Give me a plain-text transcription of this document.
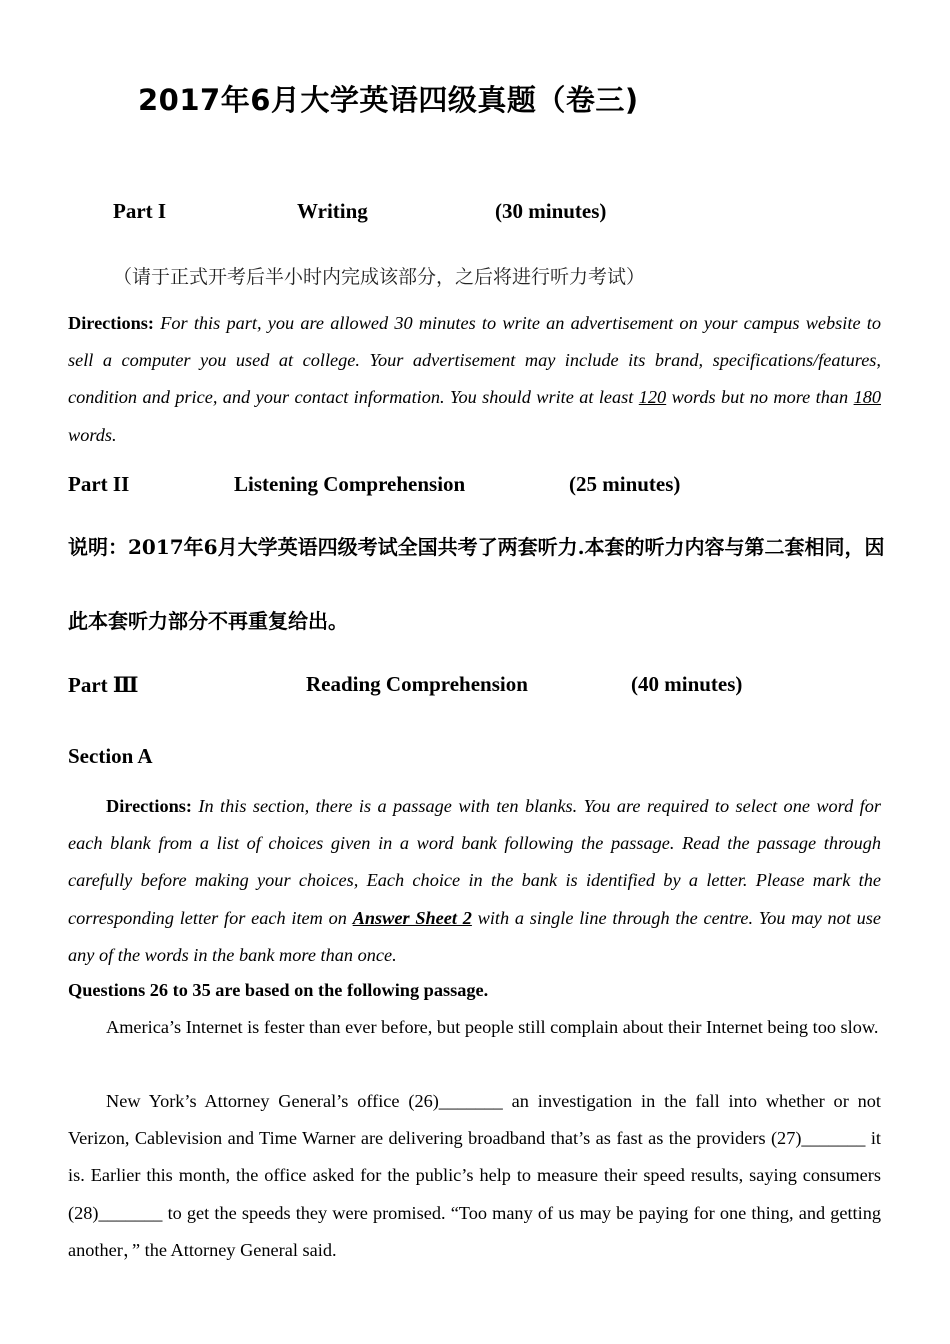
2017年6月大学英语四级真题（卷三)
Part I	Writing	(30 minutes)
（请于正式开考后半小时内完成该部分，之后将进行听力考试）
Directions: For this part, you are allowed 30 minutes to write an advertisement on your campus website to sell a computer you used at college. Your advertisement may include its brand, specifications/features, condition and price, and your contact information. You should write at least 120 words but no more than 180 words.
Part II	Listening Comprehension	(25 minutes)
说明：2017年6月大学英语四级考试全国共考了两套听力.本套的听力内容与第二套相同，因此本套听力部分不再重复给出。
Part Ⅲ	Reading Comprehension	(40 minutes)
Section A
Directions: In this section, there is a passage with ten blanks. You are required to select one word for each blank from a list of choices given in a word bank following the passage. Read the passage through carefully before making your choices, Each choice in the bank is identified by a letter. Please mark the corresponding letter for each item on Answer Sheet 2 with a single line through the centre. You may not use any of the words in the bank more than once.
Questions 26 to 35 are based on the following passage.
America’s Internet is fester than ever before, but people still complain about their Internet being too slow.
New York’s Attorney General’s office (26)_______ an investigation in the fall into whether or not Verizon, Cablevision and Time Warner are delivering broadband that’s as fast as the providers (27)_______ it is. Earlier this month, the office asked for the public’s help to measure their speed results, saying consumers (28)_______ to get the speeds they were promised. “Too many of us may be paying for one thing, and getting another，” the Attorney General said.
